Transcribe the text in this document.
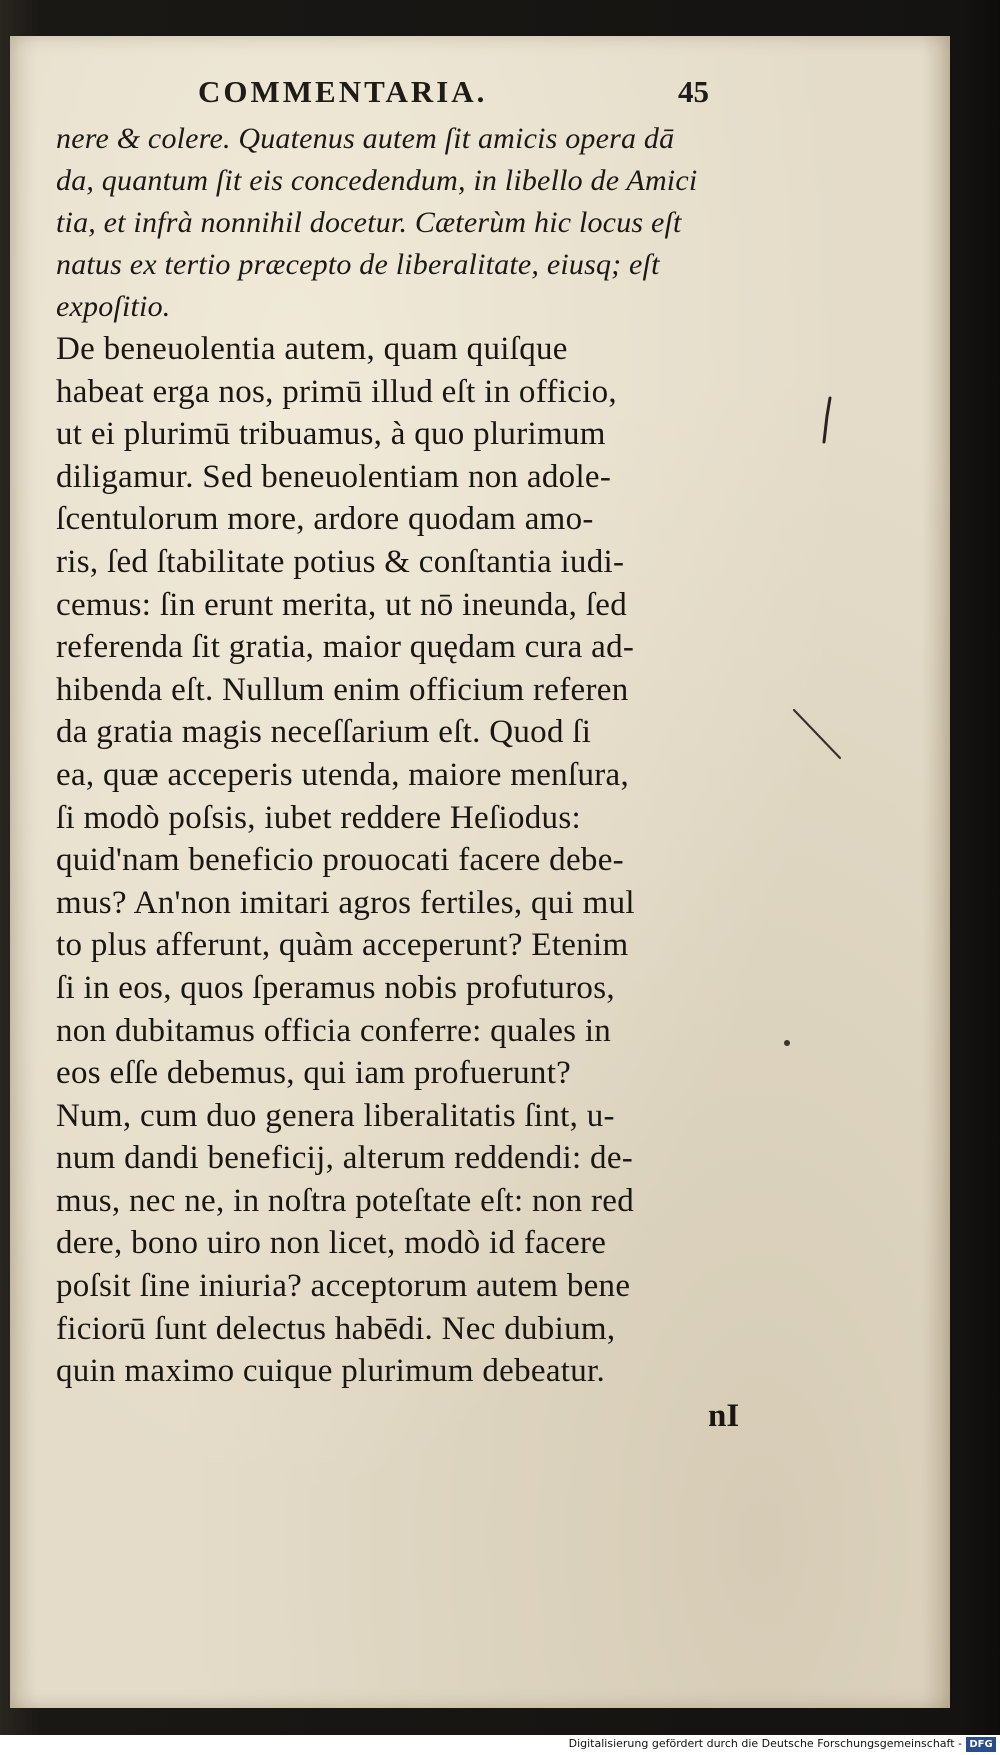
COMMENTARIA.	45
nere & colere. Quatenus autem ſit amicis opera dā
da, quantum ſit eis concedendum, in libello de Amici
tia, et infrà nonnihil docetur. Cæterùm hic locus eſt
natus ex tertio præcepto de liberalitate, eiusq; eſt
expoſitio.
De beneuolentia autem, quam quiſque
habeat erga nos, primū illud eſt in officio,
ut ei plurimū tribuamus, à quo plurimum
diligamur. Sed beneuolentiam non adole-
ſcentulorum more, ardore quodam amo-
ris, ſed ſtabilitate potius & conſtantia iudi-
cemus: ſin erunt merita, ut nō ineunda, ſed
referenda ſit gratia, maior quędam cura ad-
hibenda eſt. Nullum enim officium referen
da gratia magis neceſſarium eſt. Quod ſi
ea, quæ acceperis utenda, maiore menſura,
ſi modò poſsis, iubet reddere Heſiodus:
quid'nam beneficio prouocati facere debe-
mus? An'non imitari agros fertiles, qui mul
to plus afferunt, quàm acceperunt? Etenim
ſi in eos, quos ſperamus nobis profuturos,
non dubitamus officia conferre: quales in
eos eſſe debemus, qui iam profuerunt?
Num, cum duo genera liberalitatis ſint, u-
num dandi beneficij, alterum reddendi: de-
mus, nec ne, in noſtra poteſtate eſt: non red
dere, bono uiro non licet, modò id facere
poſsit ſine iniuria? acceptorum autem bene
ficiorū ſunt delectus habēdi. Nec dubium,
quin maximo cuique plurimum debeatur.
nI
Digitalisierung gefördert durch die Deutsche Forschungsgemeinschaft - DFG
